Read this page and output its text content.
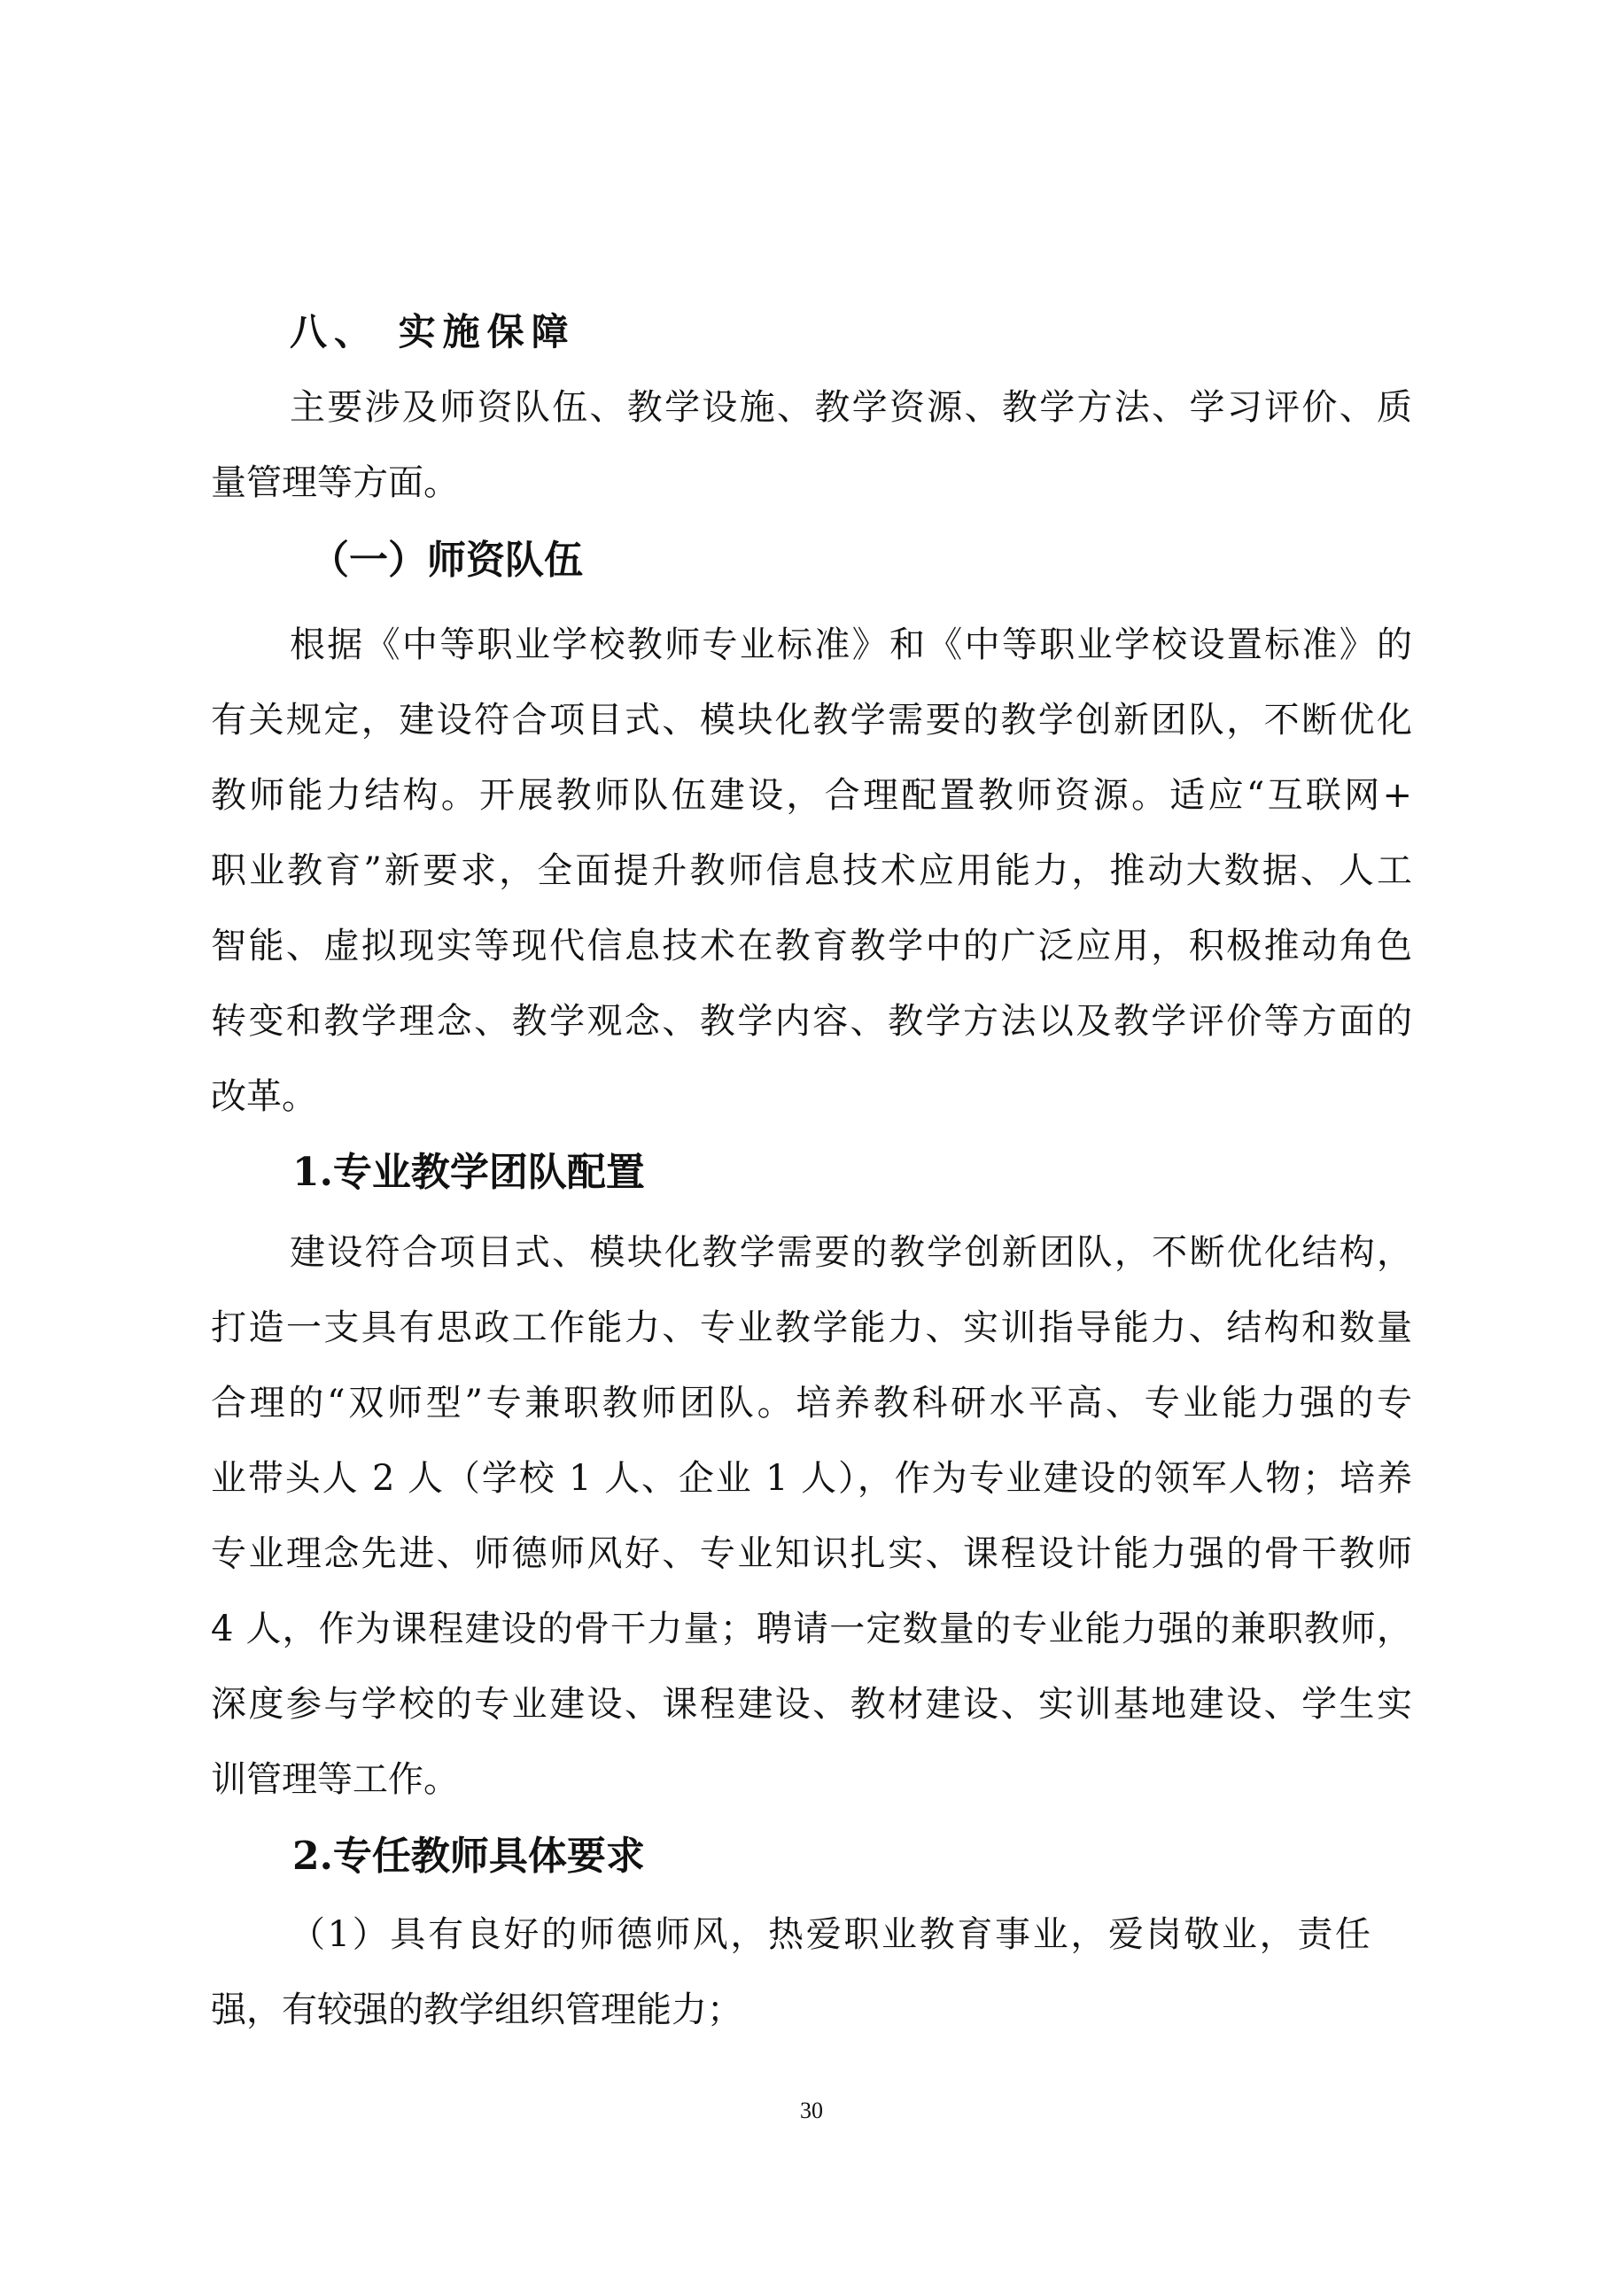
八、 实施保障
主要涉及师资队伍、教学设施、教学资源、教学方法、学习评价、质
量管理等方面。
（一）师资队伍
根据《中等职业学校教师专业标准》和《中等职业学校设置标准》的
有关规定，建设符合项目式、模块化教学需要的教学创新团队，不断优化
教师能力结构。开展教师队伍建设，合理配置教师资源。适应“互联网+
职业教育”新要求，全面提升教师信息技术应用能力，推动大数据、人工
智能、虚拟现实等现代信息技术在教育教学中的广泛应用，积极推动角色
转变和教学理念、教学观念、教学内容、教学方法以及教学评价等方面的
改革。
1.专业教学团队配置
建设符合项目式、模块化教学需要的教学创新团队，不断优化结构，
打造一支具有思政工作能力、专业教学能力、实训指导能力、结构和数量
合理的“双师型”专兼职教师团队。培养教科研水平高、专业能力强的专
业带头人 2 人（学校 1 人、企业 1 人），作为专业建设的领军人物；培养
专业理念先进、师德师风好、专业知识扎实、课程设计能力强的骨干教师
4 人，作为课程建设的骨干力量；聘请一定数量的专业能力强的兼职教师，
深度参与学校的专业建设、课程建设、教材建设、实训基地建设、学生实
训管理等工作。
2.专任教师具体要求
（1）具有良好的师德师风，热爱职业教育事业，爱岗敬业，责任
强，有较强的教学组织管理能力；
30
